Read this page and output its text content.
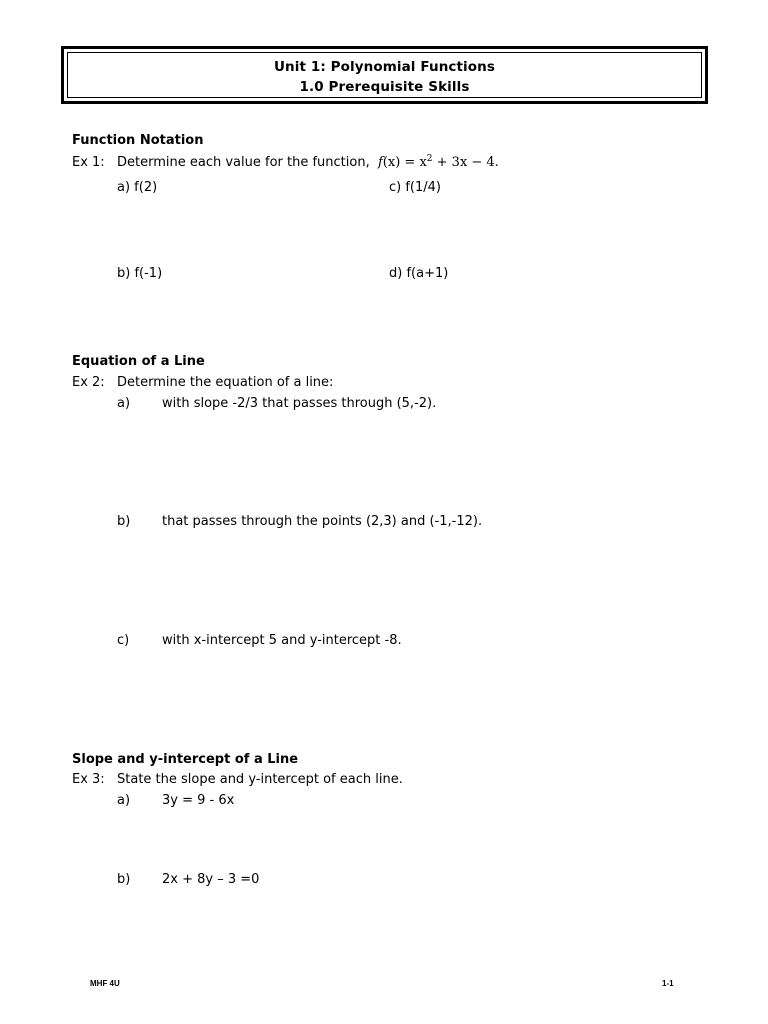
Unit 1: Polynomial Functions
1.0 Prerequisite Skills
Function Notation
Ex 1: Determine each value for the function, $f(x) = x^2 + 3x - 4$.
a) f(2)	c) f(1/4)
b) f(-1)	d) f(a+1)
Equation of a Line
Ex 2: Determine the equation of a line:
a) with slope -2/3 that passes through (5,-2).
b) that passes through the points (2,3) and (-1,-12).
c)	with x-intercept 5 and y-intercept -8.
Slope and y-intercept of a Line
Ex 3: State the slope and y-intercept of each line.
a) 3y = 9 - 6x
b) 2x + 8y – 3 =0
MHF 4U	1-1
